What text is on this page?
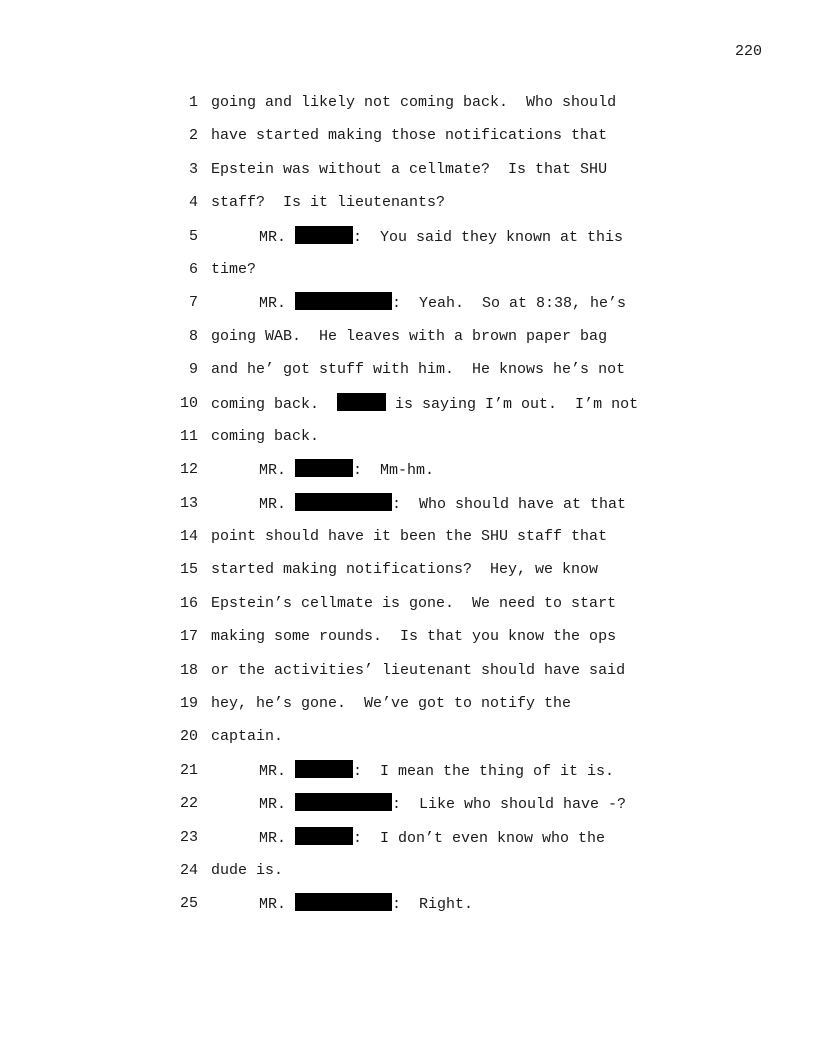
220
1 going and likely not coming back.  Who should
2 have started making those notifications that
3 Epstein was without a cellmate?  Is that SHU
4 staff?  Is it lieutenants?
5	MR.	:  You said they known at this
6 time?
7	MR.	:  Yeah.  So at 8:38, he’s
8 going WAB.  He leaves with a brown paper bag
9 and he’ got stuff with him.  He knows he’s not
10 coming back.	is saying I’m out.  I’m not
11 coming back.
12	MR.	:  Mm-hm.
13	MR.	:  Who should have at that
14 point should have it been the SHU staff that
15 started making notifications?  Hey, we know
16 Epstein’s cellmate is gone.  We need to start
17 making some rounds.  Is that you know the ops
18 or the activities’ lieutenant should have said
19 hey, he’s gone.  We’ve got to notify the
20 captain.
21	MR.	:  I mean the thing of it is.
22	MR.	:  Like who should have -?
23	MR.	:  I don’t even know who the
24 dude is.
25	MR.	:  Right.
